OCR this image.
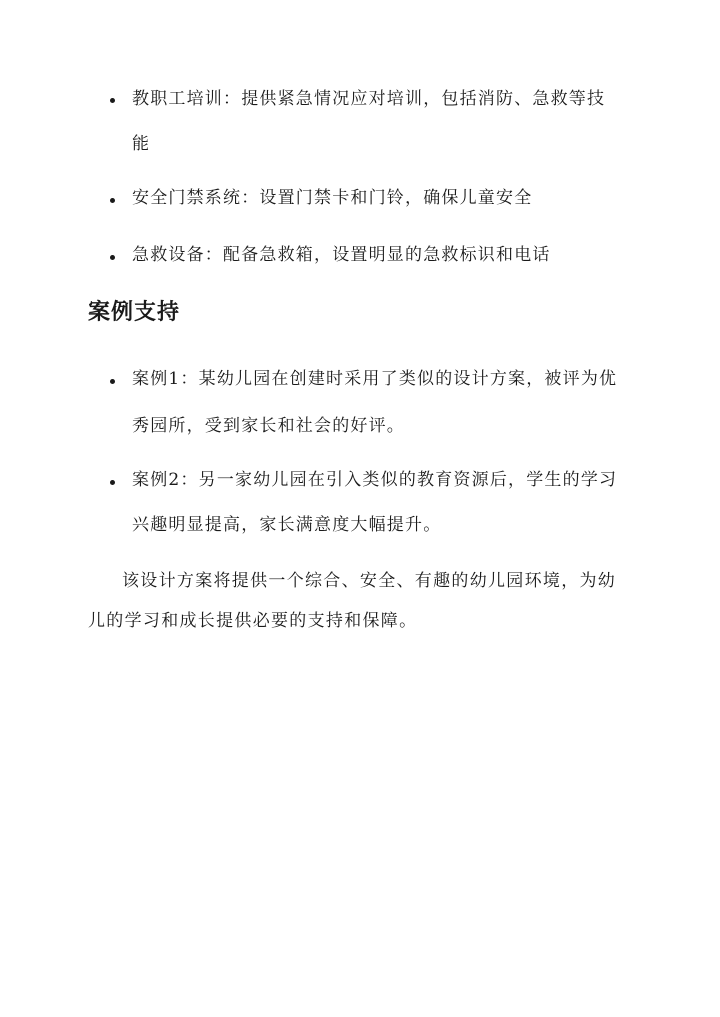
教职工培训：提供紧急情况应对培训，包括消防、急救等技
能
安全门禁系统：设置门禁卡和门铃，确保儿童安全
急救设备：配备急救箱，设置明显的急救标识和电话
案例支持
案例1：某幼儿园在创建时采用了类似的设计方案，被评为优
秀园所，受到家长和社会的好评。
案例2：另一家幼儿园在引入类似的教育资源后，学生的学习
兴趣明显提高，家长满意度大幅提升。
该设计方案将提供一个综合、安全、有趣的幼儿园环境，为幼
儿的学习和成长提供必要的支持和保障。
